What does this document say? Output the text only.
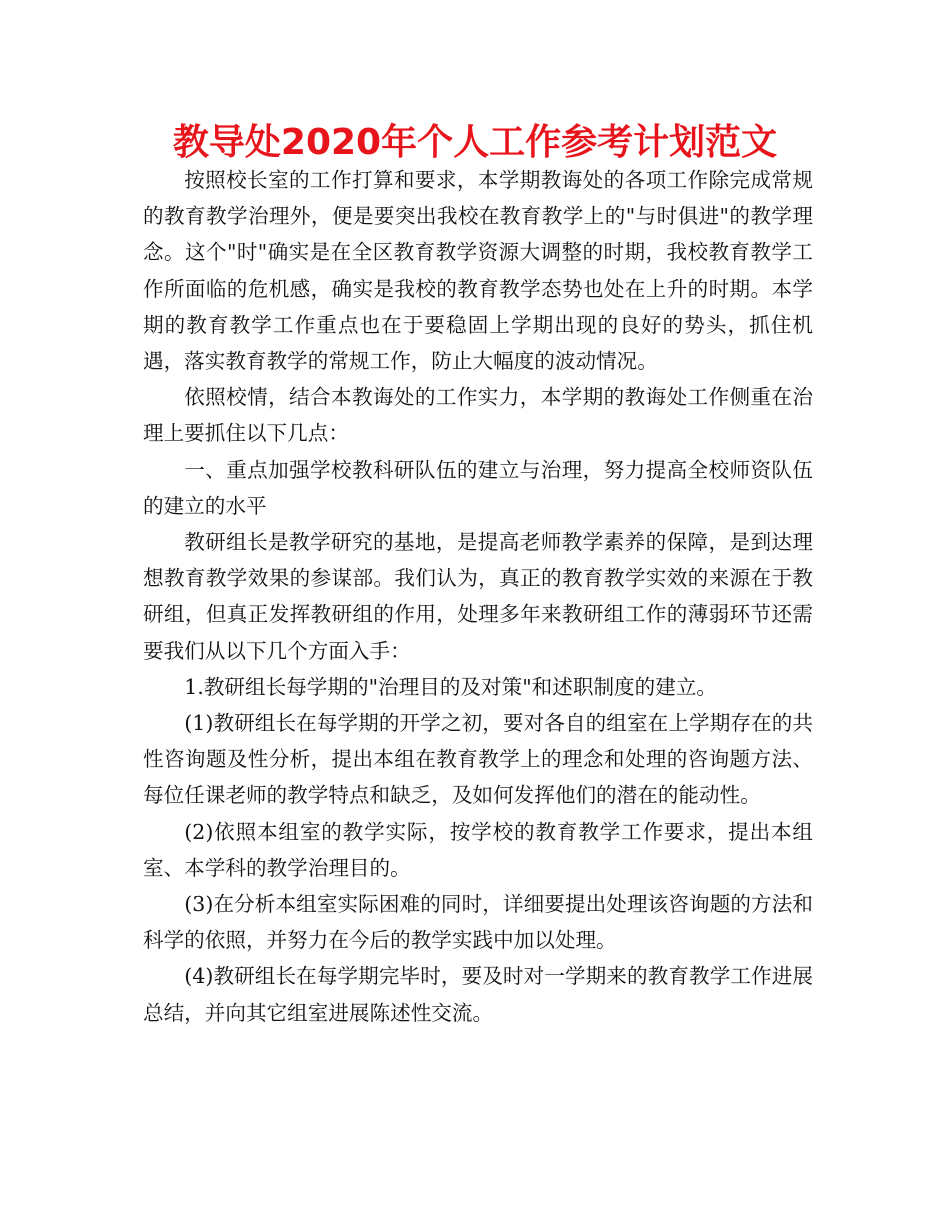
教导处2020年个人工作参考计划范文

按照校长室的工作打算和要求，本学期教诲处的各项工作除完成常规的教育教学治理外，便是要突出我校在教育教学上的"与时俱进"的教学理念。这个"时"确实是在全区教育教学资源大调整的时期，我校教育教学工作所面临的危机感，确实是我校的教育教学态势也处在上升的时期。本学期的教育教学工作重点也在于要稳固上学期出现的良好的势头，抓住机遇，落实教育教学的常规工作，防止大幅度的波动情况。

依照校情，结合本教诲处的工作实力，本学期的教诲处工作侧重在治理上要抓住以下几点：

一、重点加强学校教科研队伍的建立与治理，努力提高全校师资队伍的建立的水平

教研组长是教学研究的基地，是提高老师教学素养的保障，是到达理想教育教学效果的参谋部。我们认为，真正的教育教学实效的来源在于教研组，但真正发挥教研组的作用，处理多年来教研组工作的薄弱环节还需要我们从以下几个方面入手：

1.教研组长每学期的"治理目的及对策"和述职制度的建立。

(1)教研组长在每学期的开学之初，要对各自的组室在上学期存在的共性咨询题及性分析，提出本组在教育教学上的理念和处理的咨询题方法、每位任课老师的教学特点和缺乏，及如何发挥他们的潜在的能动性。

(2)依照本组室的教学实际，按学校的教育教学工作要求，提出本组室、本学科的教学治理目的。

(3)在分析本组室实际困难的同时，详细要提出处理该咨询题的方法和科学的依照，并努力在今后的教学实践中加以处理。

(4)教研组长在每学期完毕时，要及时对一学期来的教育教学工作进展总结，并向其它组室进展陈述性交流。
